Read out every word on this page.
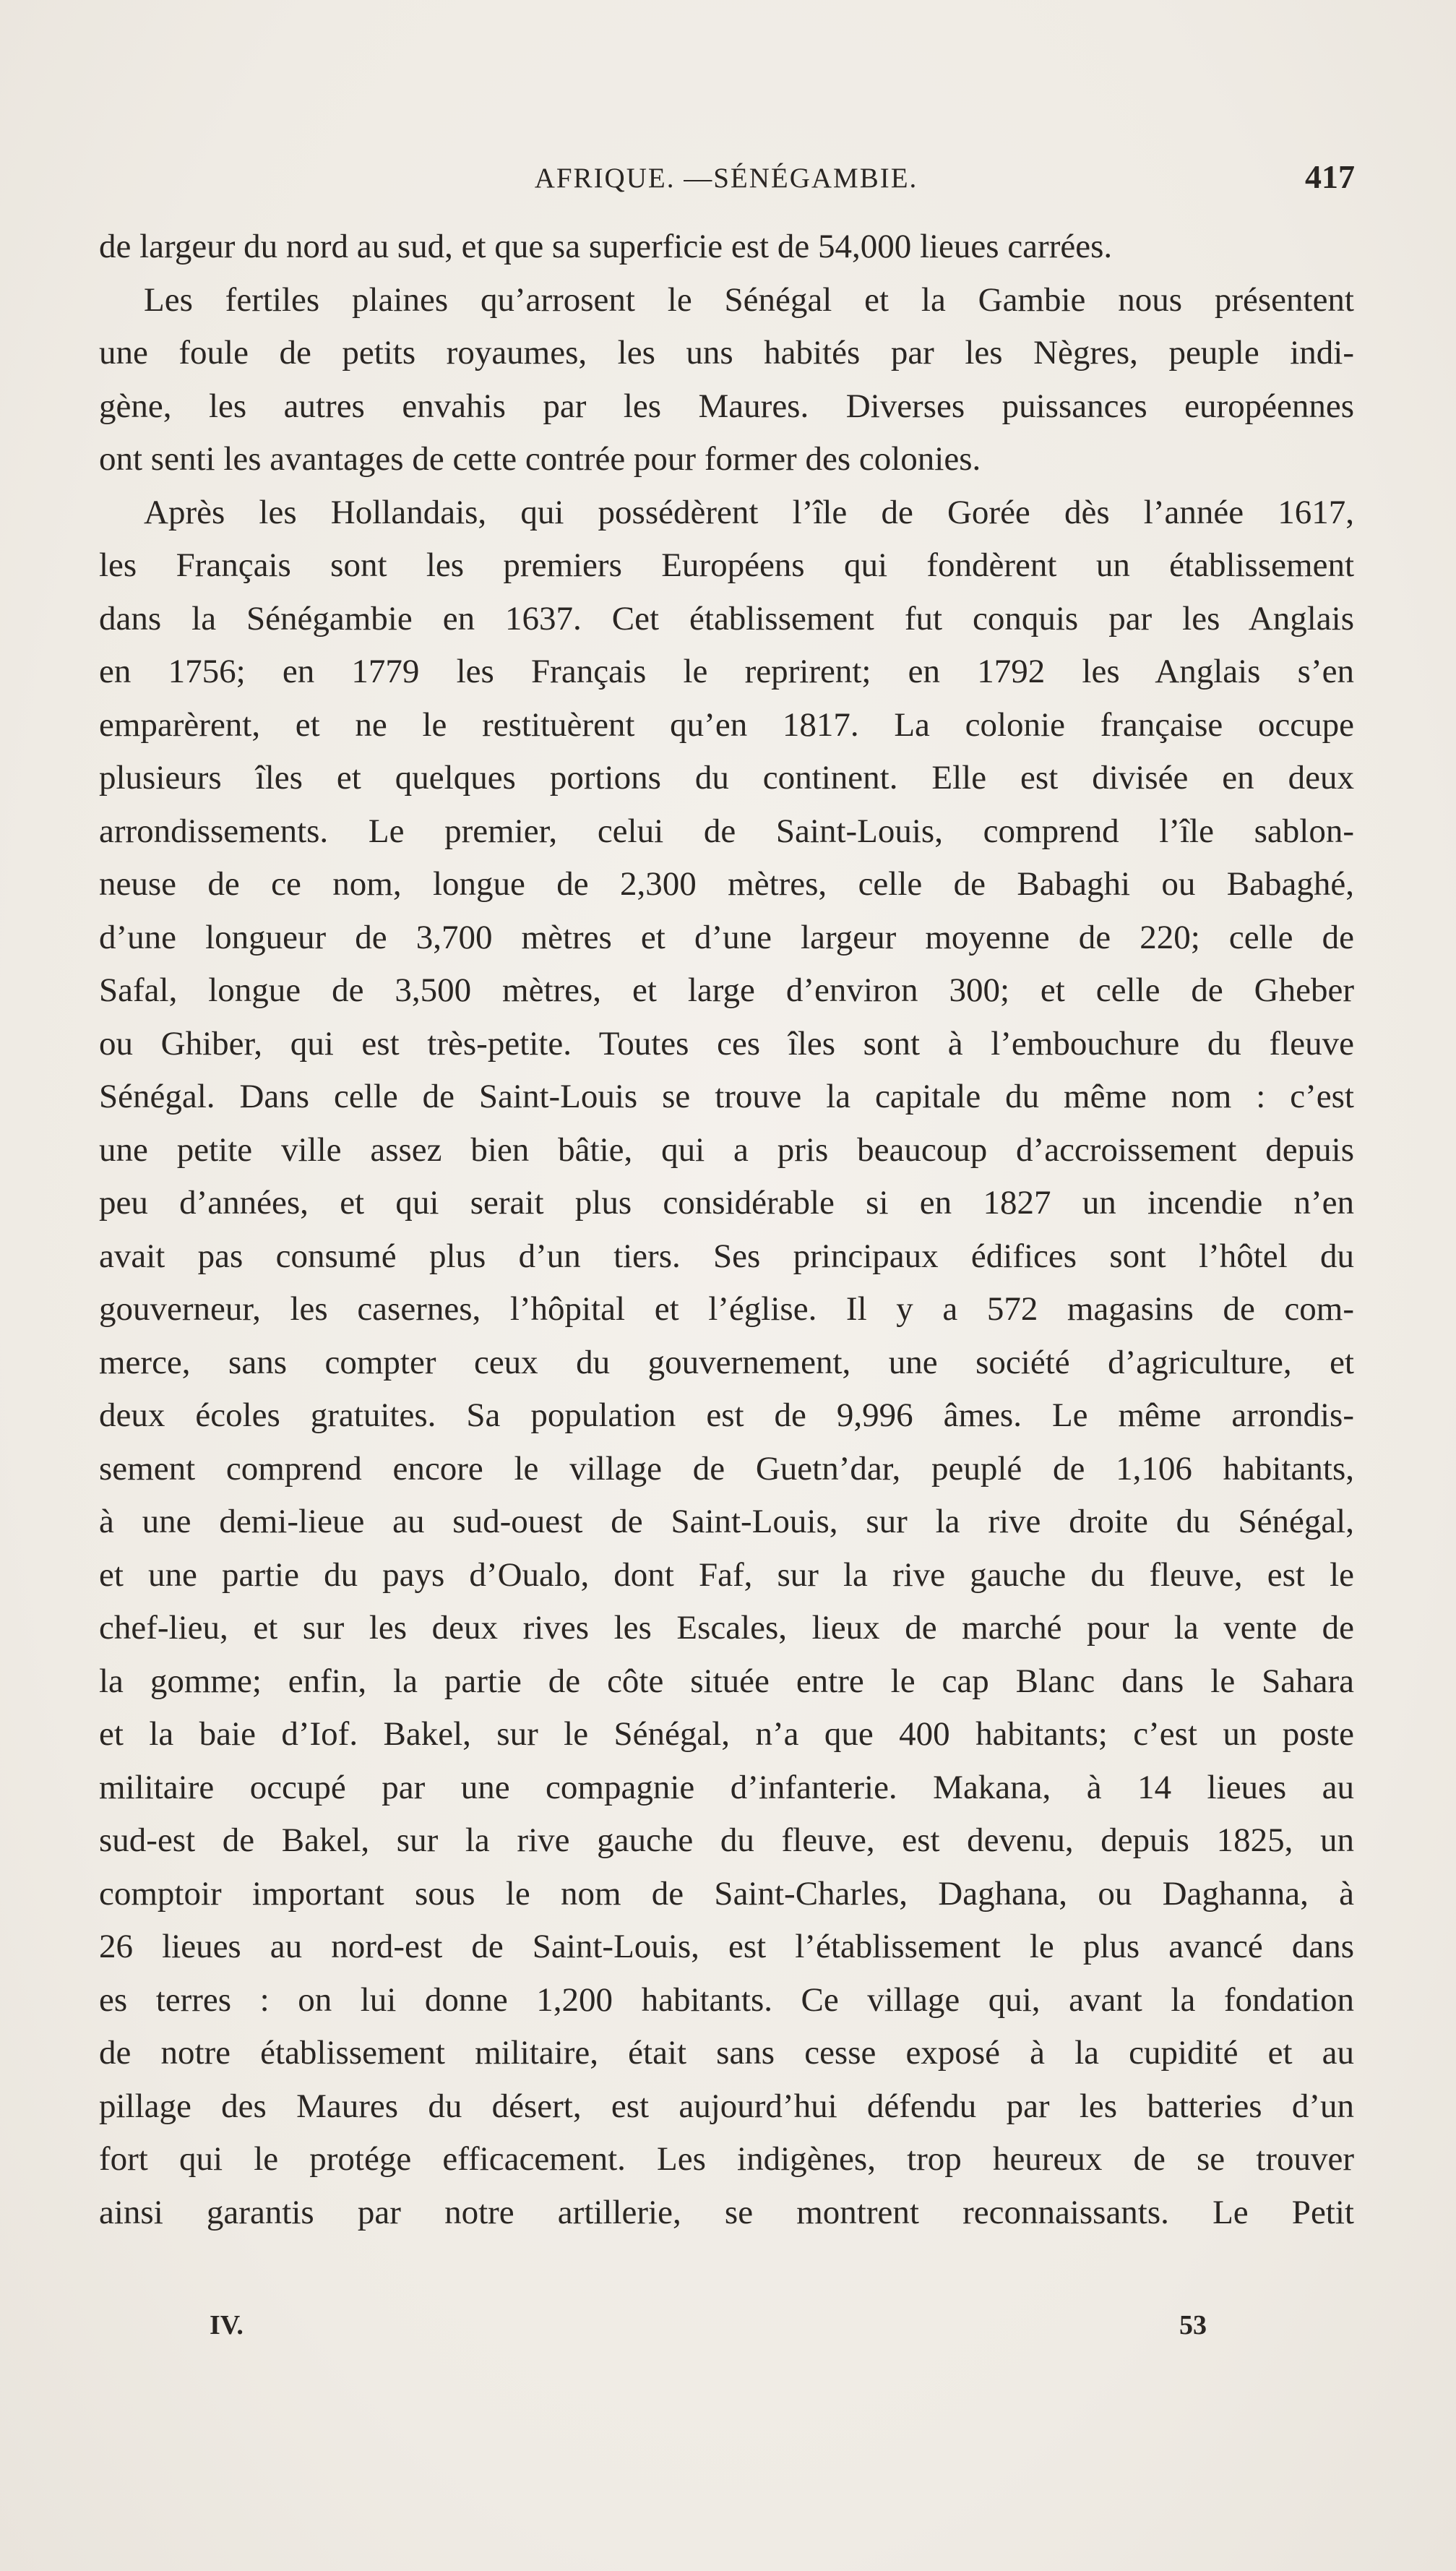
AFRIQUE. —SÉNÉGAMBIE.	417
de largeur du nord au sud, et que sa superficie est de 54,000 lieues carrées.
Les fertiles plaines qu’arrosent le Sénégal et la Gambie nous présentent
une foule de petits royaumes, les uns habités par les Nègres, peuple indi-
gène, les autres envahis par les Maures. Diverses puissances européennes
ont senti les avantages de cette contrée pour former des colonies.
Après les Hollandais, qui possédèrent l’île de Gorée dès l’année 1617,
les Français sont les premiers Européens qui fondèrent un établissement
dans la Sénégambie en 1637. Cet établissement fut conquis par les Anglais
en 1756; en 1779 les Français le reprirent; en 1792 les Anglais s’en
emparèrent, et ne le restituèrent qu’en 1817. La colonie française occupe
plusieurs îles et quelques portions du continent. Elle est divisée en deux
arrondissements. Le premier, celui de Saint-Louis, comprend l’île sablon-
neuse de ce nom, longue de 2,300 mètres, celle de Babaghi ou Babaghé,
d’une longueur de 3,700 mètres et d’une largeur moyenne de 220; celle de
Safal, longue de 3,500 mètres, et large d’environ 300; et celle de Gheber
ou Ghiber, qui est très-petite. Toutes ces îles sont à l’embouchure du fleuve
Sénégal. Dans celle de Saint-Louis se trouve la capitale du même nom : c’est
une petite ville assez bien bâtie, qui a pris beaucoup d’accroissement depuis
peu d’années, et qui serait plus considérable si en 1827 un incendie n’en
avait pas consumé plus d’un tiers. Ses principaux édifices sont l’hôtel du
gouverneur, les casernes, l’hôpital et l’église. Il y a 572 magasins de com-
merce, sans compter ceux du gouvernement, une société d’agriculture, et
deux écoles gratuites. Sa population est de 9,996 âmes. Le même arrondis-
sement comprend encore le village de Guetn’dar, peuplé de 1,106 habitants,
à une demi-lieue au sud-ouest de Saint-Louis, sur la rive droite du Sénégal,
et une partie du pays d’Oualo, dont Faf, sur la rive gauche du fleuve, est le
chef-lieu, et sur les deux rives les Escales, lieux de marché pour la vente de
la gomme; enfin, la partie de côte située entre le cap Blanc dans le Sahara
et la baie d’Iof. Bakel, sur le Sénégal, n’a que 400 habitants; c’est un poste
militaire occupé par une compagnie d’infanterie. Makana, à 14 lieues au
sud-est de Bakel, sur la rive gauche du fleuve, est devenu, depuis 1825, un
comptoir important sous le nom de Saint-Charles, Daghana, ou Daghanna, à
26 lieues au nord-est de Saint-Louis, est l’établissement le plus avancé dans
es terres : on lui donne 1,200 habitants. Ce village qui, avant la fondation
de notre établissement militaire, était sans cesse exposé à la cupidité et au
pillage des Maures du désert, est aujourd’hui défendu par les batteries d’un
fort qui le protége efficacement. Les indigènes, trop heureux de se trouver
ainsi garantis par notre artillerie, se montrent reconnaissants. Le Petit
IV.	53
